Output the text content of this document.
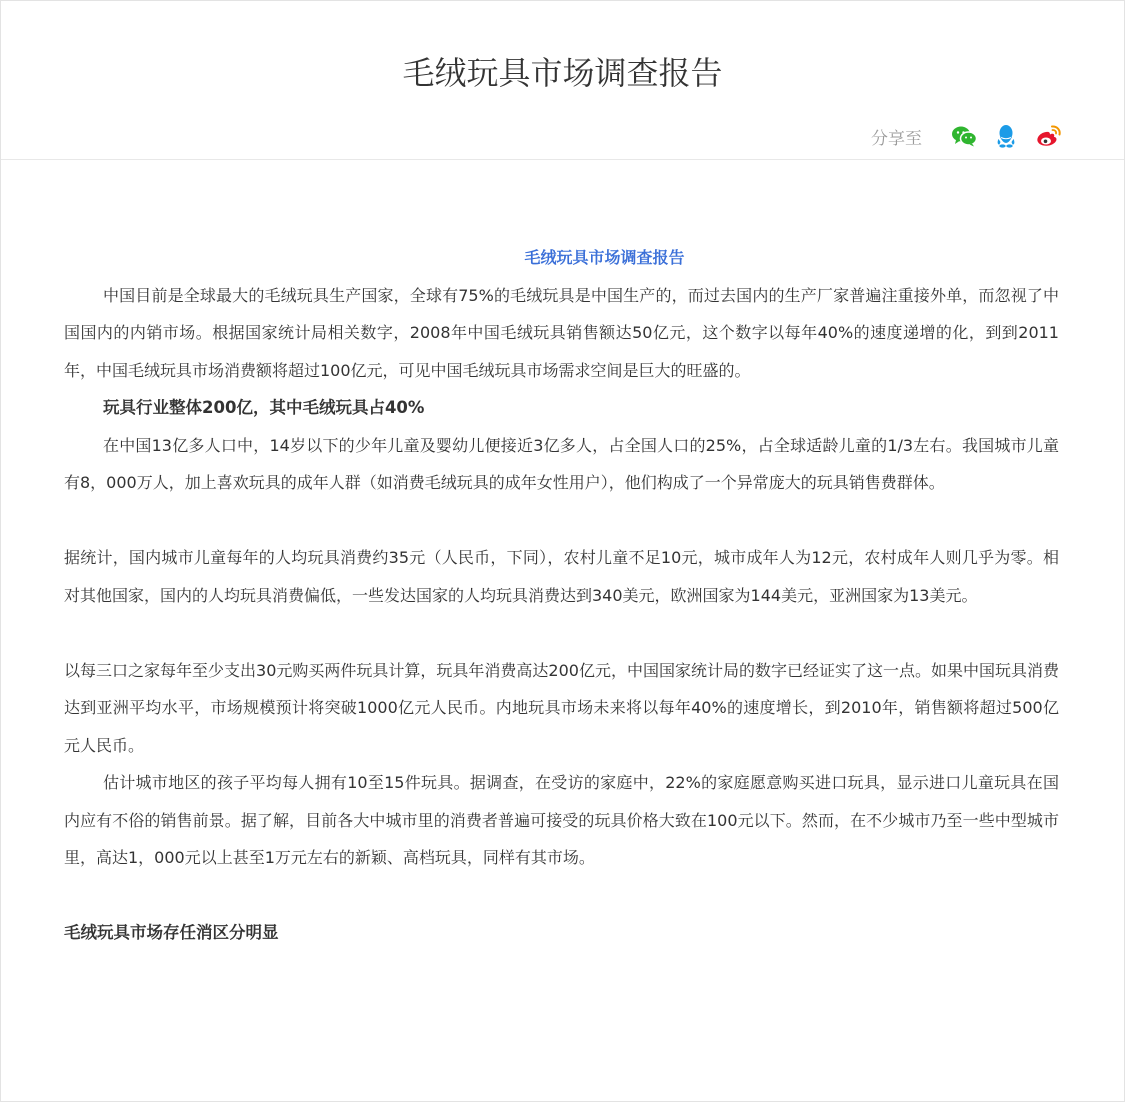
毛绒玩具市场调查报告
分享至

毛绒玩具市场调查报告

中国目前是全球最大的毛绒玩具生产国家，全球有75%的毛绒玩具是中国生产的，而过去国内的生产厂家普遍注重接外单，而忽视了中国国内的内销市场。根据国家统计局相关数字，2008年中国毛绒玩具销售额达50亿元，这个数字以每年40%的速度递增的化，到到2011年，中国毛绒玩具市场消费额将超过100亿元，可见中国毛绒玩具市场需求空间是巨大的旺盛的。

玩具行业整体200亿，其中毛绒玩具占40%

在中国13亿多人口中，14岁以下的少年儿童及婴幼儿便接近3亿多人，占全国人口的25%，占全球适龄儿童的1/3左右。我国城市儿童有8，000万人，加上喜欢玩具的成年人群（如消费毛绒玩具的成年女性用户），他们构成了一个异常庞大的玩具销售费群体。

据统计，国内城市儿童每年的人均玩具消费约35元（人民币，下同），农村儿童不足10元，城市成年人为12元，农村成年人则几乎为零。相对其他国家，国内的人均玩具消费偏低，一些发达国家的人均玩具消费达到340美元，欧洲国家为144美元，亚洲国家为13美元。

以每三口之家每年至少支出30元购买两件玩具计算，玩具年消费高达200亿元，中国国家统计局的数字已经证实了这一点。如果中国玩具消费达到亚洲平均水平，市场规模预计将突破1000亿元人民币。内地玩具市场未来将以每年40%的速度增长，到2010年，销售额将超过500亿元人民币。

估计城市地区的孩子平均每人拥有10至15件玩具。据调查，在受访的家庭中，22%的家庭愿意购买进口玩具，显示进口儿童玩具在国内应有不俗的销售前景。据了解，目前各大中城市里的消费者普遍可接受的玩具价格大致在100元以下。然而，在不少城市乃至一些中型城市里，高达1，000元以上甚至1万元左右的新颖、高档玩具，同样有其市场。

毛绒玩具市场存任消区分明显
